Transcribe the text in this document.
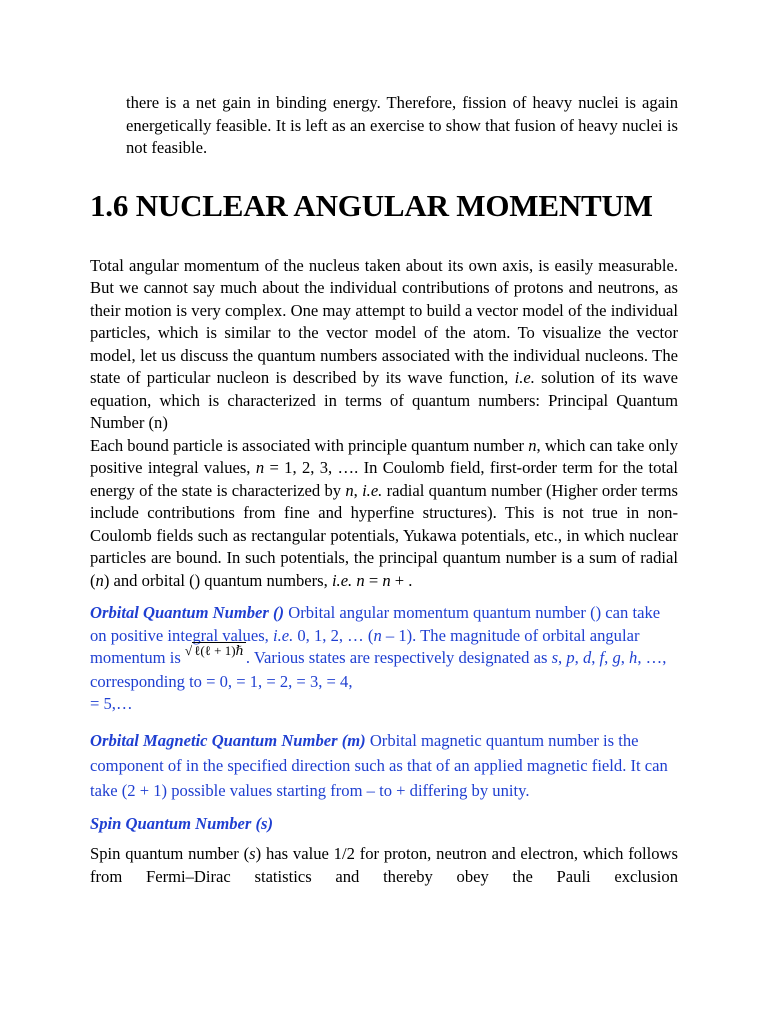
there is a net gain in binding energy. Therefore, fission of heavy nuclei is again energetically feasible. It is left as an exercise to show that fusion of heavy nuclei is not feasible.

1.6 NUCLEAR ANGULAR MOMENTUM

Total angular momentum of the nucleus taken about its own axis, is easily measurable. But we cannot say much about the individual contributions of protons and neutrons, as their motion is very complex. One may attempt to build a vector model of the individual particles, which is similar to the vector model of the atom. To visualize the vector model, let us discuss the quantum numbers associated with the individual nucleons. The state of particular nucleon is described by its wave function, i.e. solution of its wave equation, which is characterized in terms of quantum numbers: Principal Quantum Number (n)

Each bound particle is associated with principle quantum number n, which can take only positive integral values, n = 1, 2, 3, …. In Coulomb field, first-order term for the total energy of the state is characterized by n, i.e. radial quantum number (Higher order terms include contributions from fine and hyperfine structures). This is not true in non-Coulomb fields such as rectangular potentials, Yukawa potentials, etc., in which nuclear particles are bound. In such potentials, the principal quantum number is a sum of radial (n) and orbital () quantum numbers, i.e. n = n + .

Orbital Quantum Number () Orbital angular momentum quantum number () can take on positive integral values, i.e. 0, 1, 2, … (n – 1). The magnitude of orbital angular momentum is √ ℓ(ℓ + 1)ℏ . Various states are respectively designated as s, p, d, f, g, h, …, corresponding to = 0, = 1, = 2, = 3, = 4,
= 5,…

Orbital Magnetic Quantum Number (m) Orbital magnetic quantum number is the component of in the specified direction such as that of an applied magnetic field. It can take (2 + 1) possible values starting from – to + differing by unity.

Spin Quantum Number (s)

Spin quantum number (s) has value 1/2 for proton, neutron and electron, which follows from Fermi–Dirac statistics and thereby obey the Pauli exclusion
